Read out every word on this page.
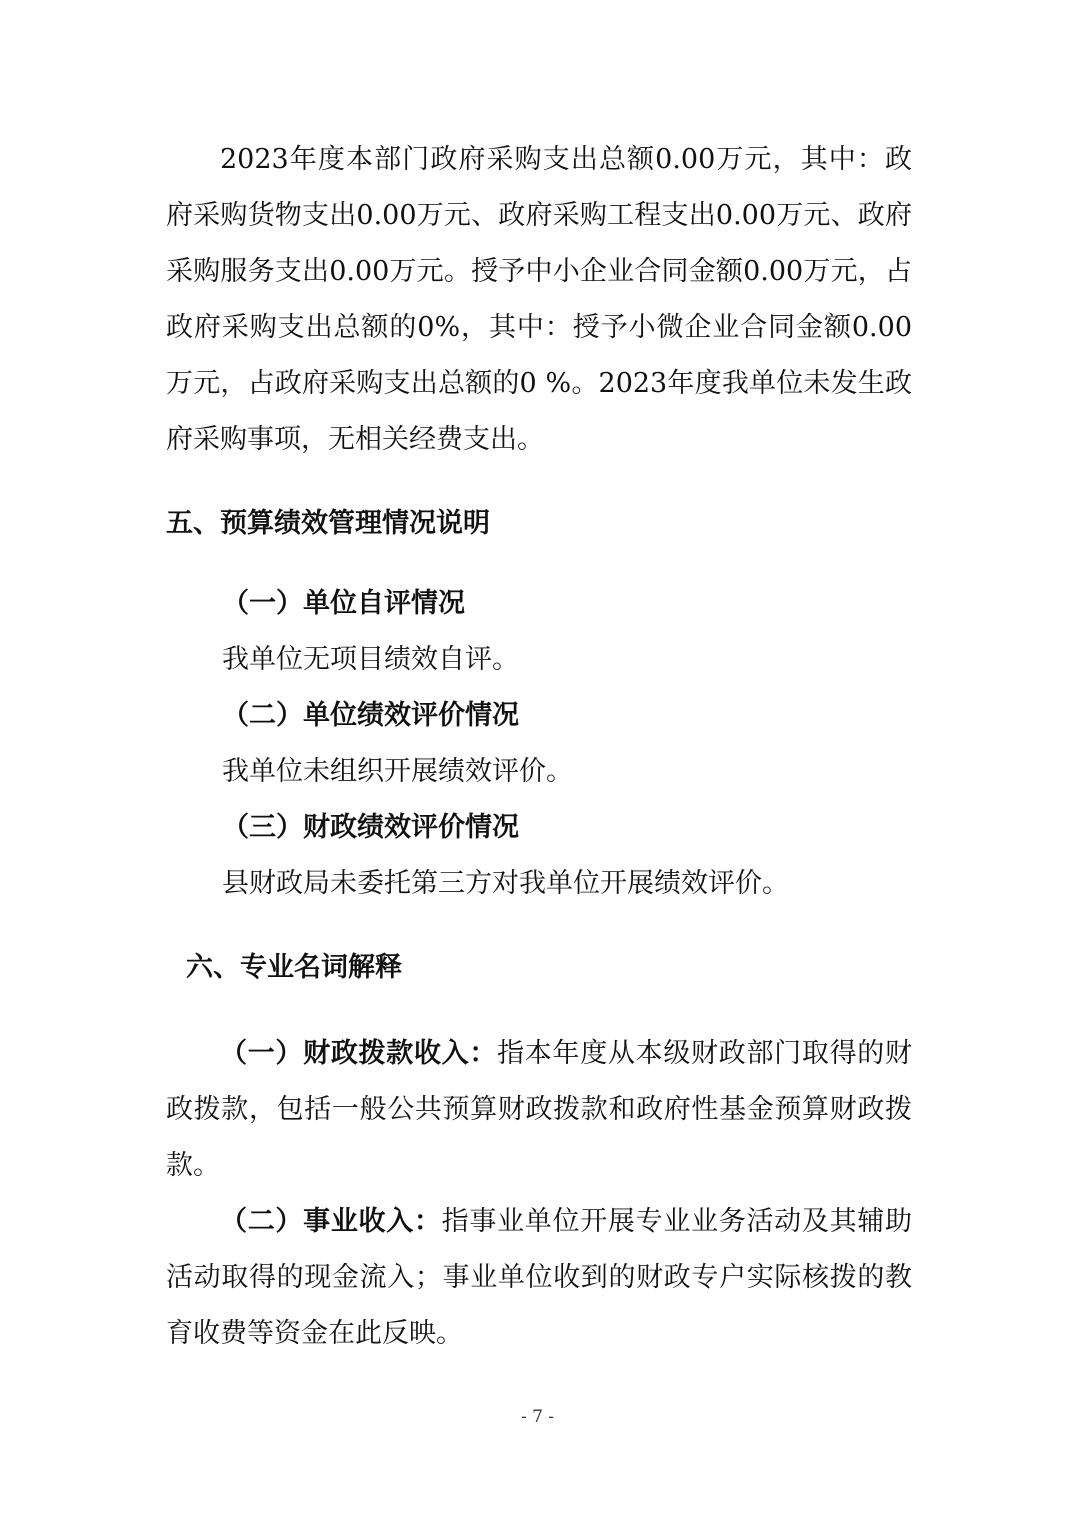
2023年度本部门政府采购支出总额0.00万元，其中：政府采购货物支出0.00万元、政府采购工程支出0.00万元、政府采购服务支出0.00万元。授予中小企业合同金额0.00万元，占政府采购支出总额的0%，其中：授予小微企业合同金额0.00万元，占政府采购支出总额的0 %。2023年度我单位未发生政府采购事项，无相关经费支出。

五、预算绩效管理情况说明
（一）单位自评情况

我单位无项目绩效自评。

（二）单位绩效评价情况

我单位未组织开展绩效评价。

（三）财政绩效评价情况

县财政局未委托第三方对我单位开展绩效评价。

六、专业名词解释

（一）财政拨款收入：指本年度从本级财政部门取得的财政拨款，包括一般公共预算财政拨款和政府性基金预算财政拨款。

（二）事业收入：指事业单位开展专业业务活动及其辅助活动取得的现金流入；事业单位收到的财政专户实际核拨的教育收费等资金在此反映。

- 7 -
